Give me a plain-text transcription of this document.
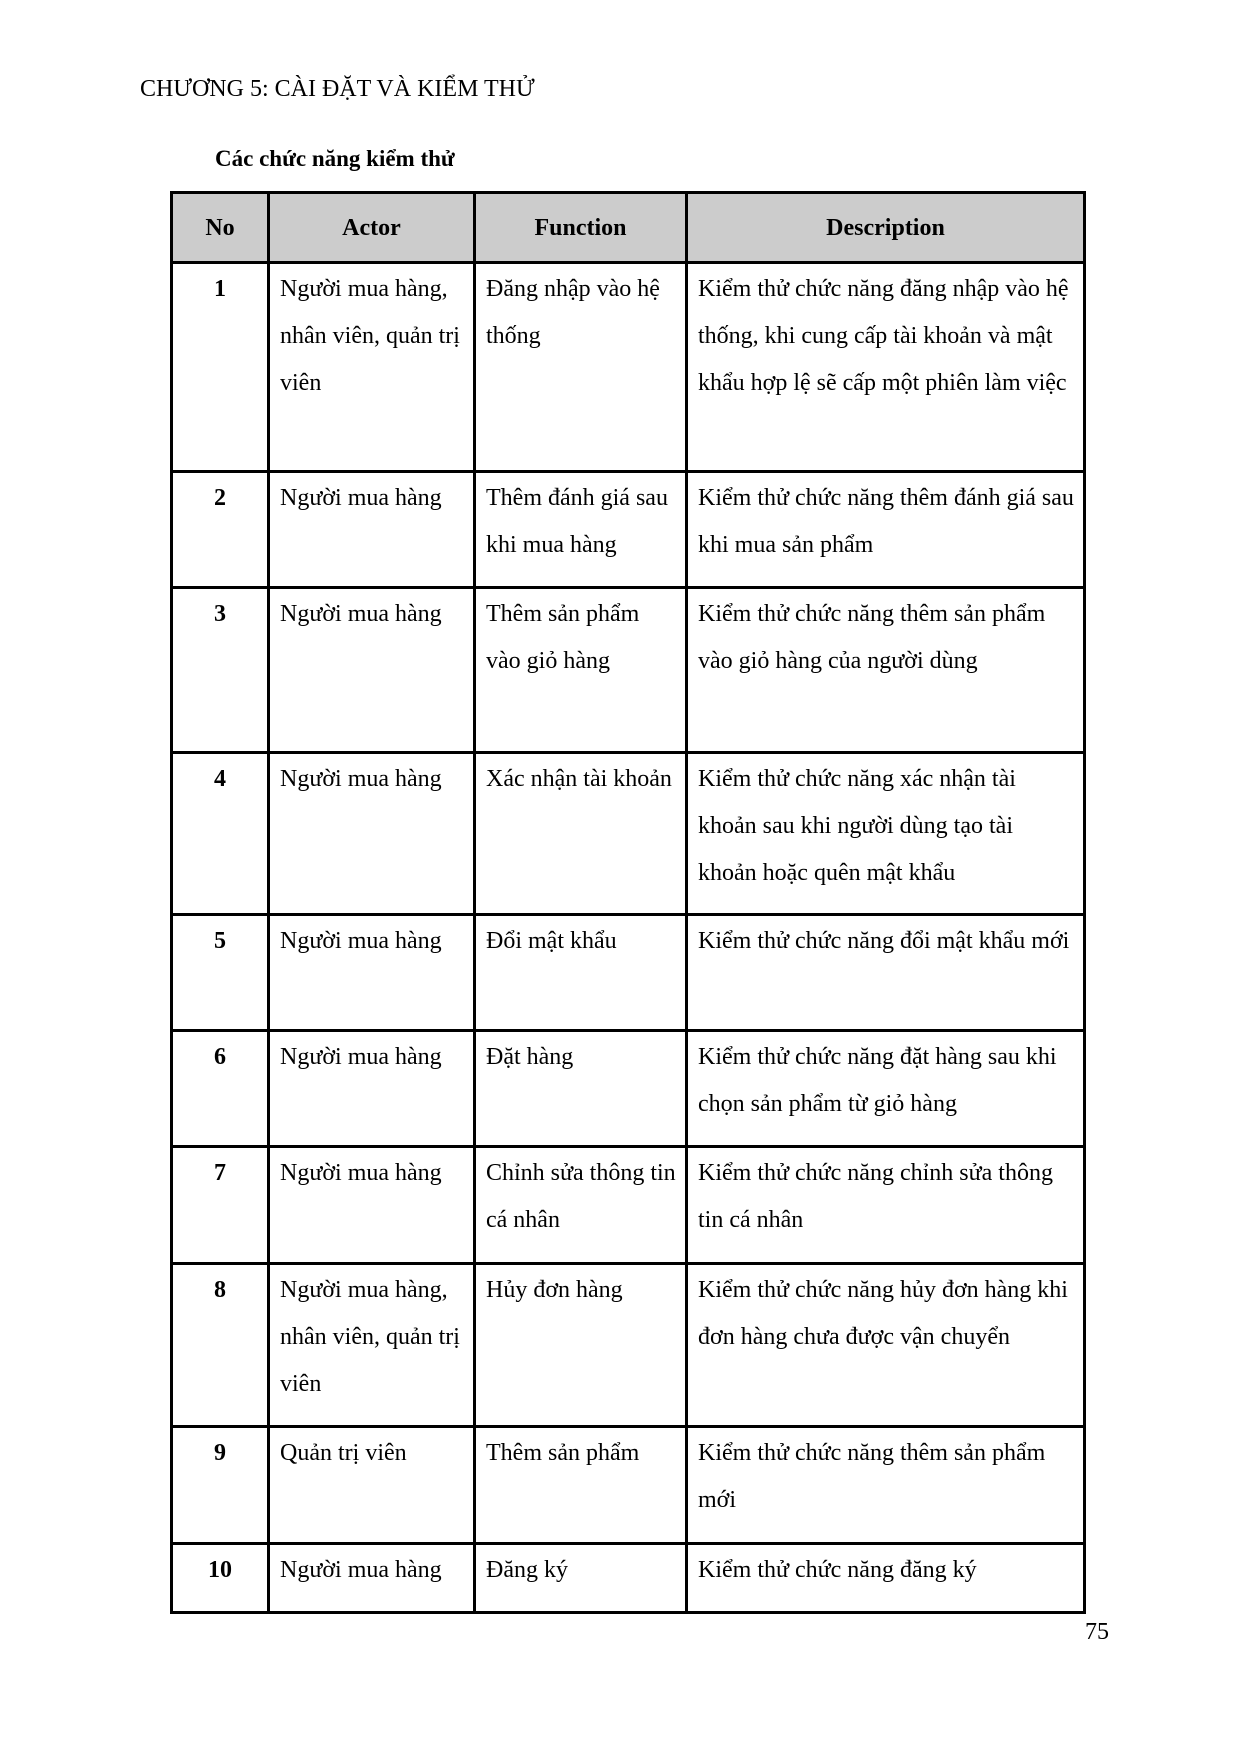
CHƯƠNG 5: CÀI ĐẶT VÀ KIỂM THỬ
Các chức năng kiểm thử
No	Actor	Function	Description

1	Người mua hàng, nhân viên, quản trị viên	Đăng nhập vào hệ thống	Kiểm thử chức năng đăng nhập vào hệ thống, khi cung cấp tài khoản và mật khẩu hợp lệ sẽ cấp một phiên làm việc

2	Người mua hàng	Thêm đánh giá sau khi mua hàng	Kiểm thử chức năng thêm đánh giá sau khi mua sản phẩm

3	Người mua hàng	Thêm sản phẩm vào giỏ hàng	Kiểm thử chức năng thêm sản phẩm vào giỏ hàng của người dùng

4	Người mua hàng	Xác nhận tài khoản	Kiểm thử chức năng xác nhận tài khoản sau khi người dùng tạo tài khoản hoặc quên mật khẩu

5	Người mua hàng	Đổi mật khẩu	Kiểm thử chức năng đổi mật khẩu mới

6	Người mua hàng	Đặt hàng	Kiểm thử chức năng đặt hàng sau khi chọn sản phẩm từ giỏ hàng

7	Người mua hàng	Chỉnh sửa thông tin cá nhân	Kiểm thử chức năng chỉnh sửa thông tin cá nhân

8	Người mua hàng, nhân viên, quản trị viên	Hủy đơn hàng	Kiểm thử chức năng hủy đơn hàng khi đơn hàng chưa được vận chuyển

9	Quản trị viên	Thêm sản phẩm	Kiểm thử chức năng thêm sản phẩm mới

10	Người mua hàng	Đăng ký	Kiểm thử chức năng đăng ký
75
